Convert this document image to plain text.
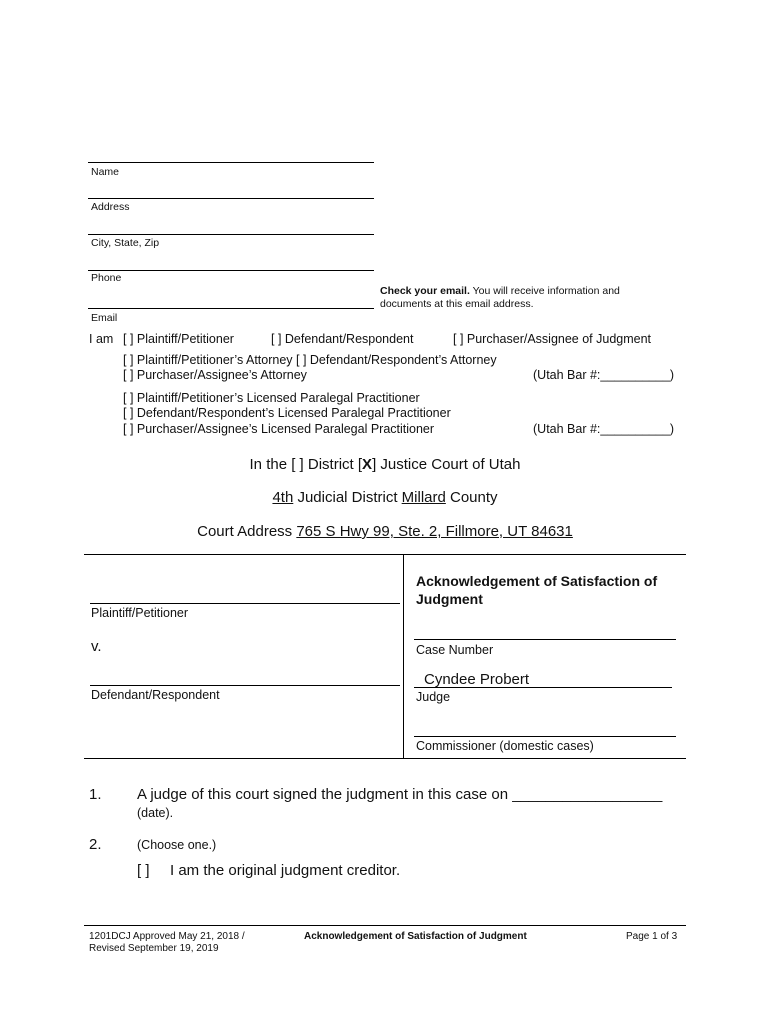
Name
Address
City, State, Zip
Phone
Check your email. You will receive information and
documents at this email address.
Email
I am [ ] Plaintiff/Petitioner	[ ] Defendant/Respondent	[ ] Purchaser/Assignee of Judgment
[ ] Plaintiff/Petitioner’s Attorney [ ] Defendant/Respondent’s Attorney
[ ] Purchaser/Assignee’s Attorney	(Utah Bar #:__________)
[ ] Plaintiff/Petitioner’s Licensed Paralegal Practitioner
[ ] Defendant/Respondent’s Licensed Paralegal Practitioner
[ ] Purchaser/Assignee’s Licensed Paralegal Practitioner	(Utah Bar #:__________)
In the [ ] District [X] Justice Court of Utah
4th Judicial District Millard County
Court Address 765 S Hwy 99, Ste. 2, Fillmore, UT 84631
Acknowledgement of Satisfaction of
Judgment
Plaintiff/Petitioner
v.	Case Number
Defendant/Respondent
Cyndee Probert
Judge
Commissioner (domestic cases)
1. A judge of this court signed the judgment in this case on __________________
(date).
2.	(Choose one.)
[ ] I am the original judgment creditor.
1201DCJ Approved May 21, 2018 /
Revised September 19, 2019
Acknowledgement of Satisfaction of Judgment	Page 1 of 3
